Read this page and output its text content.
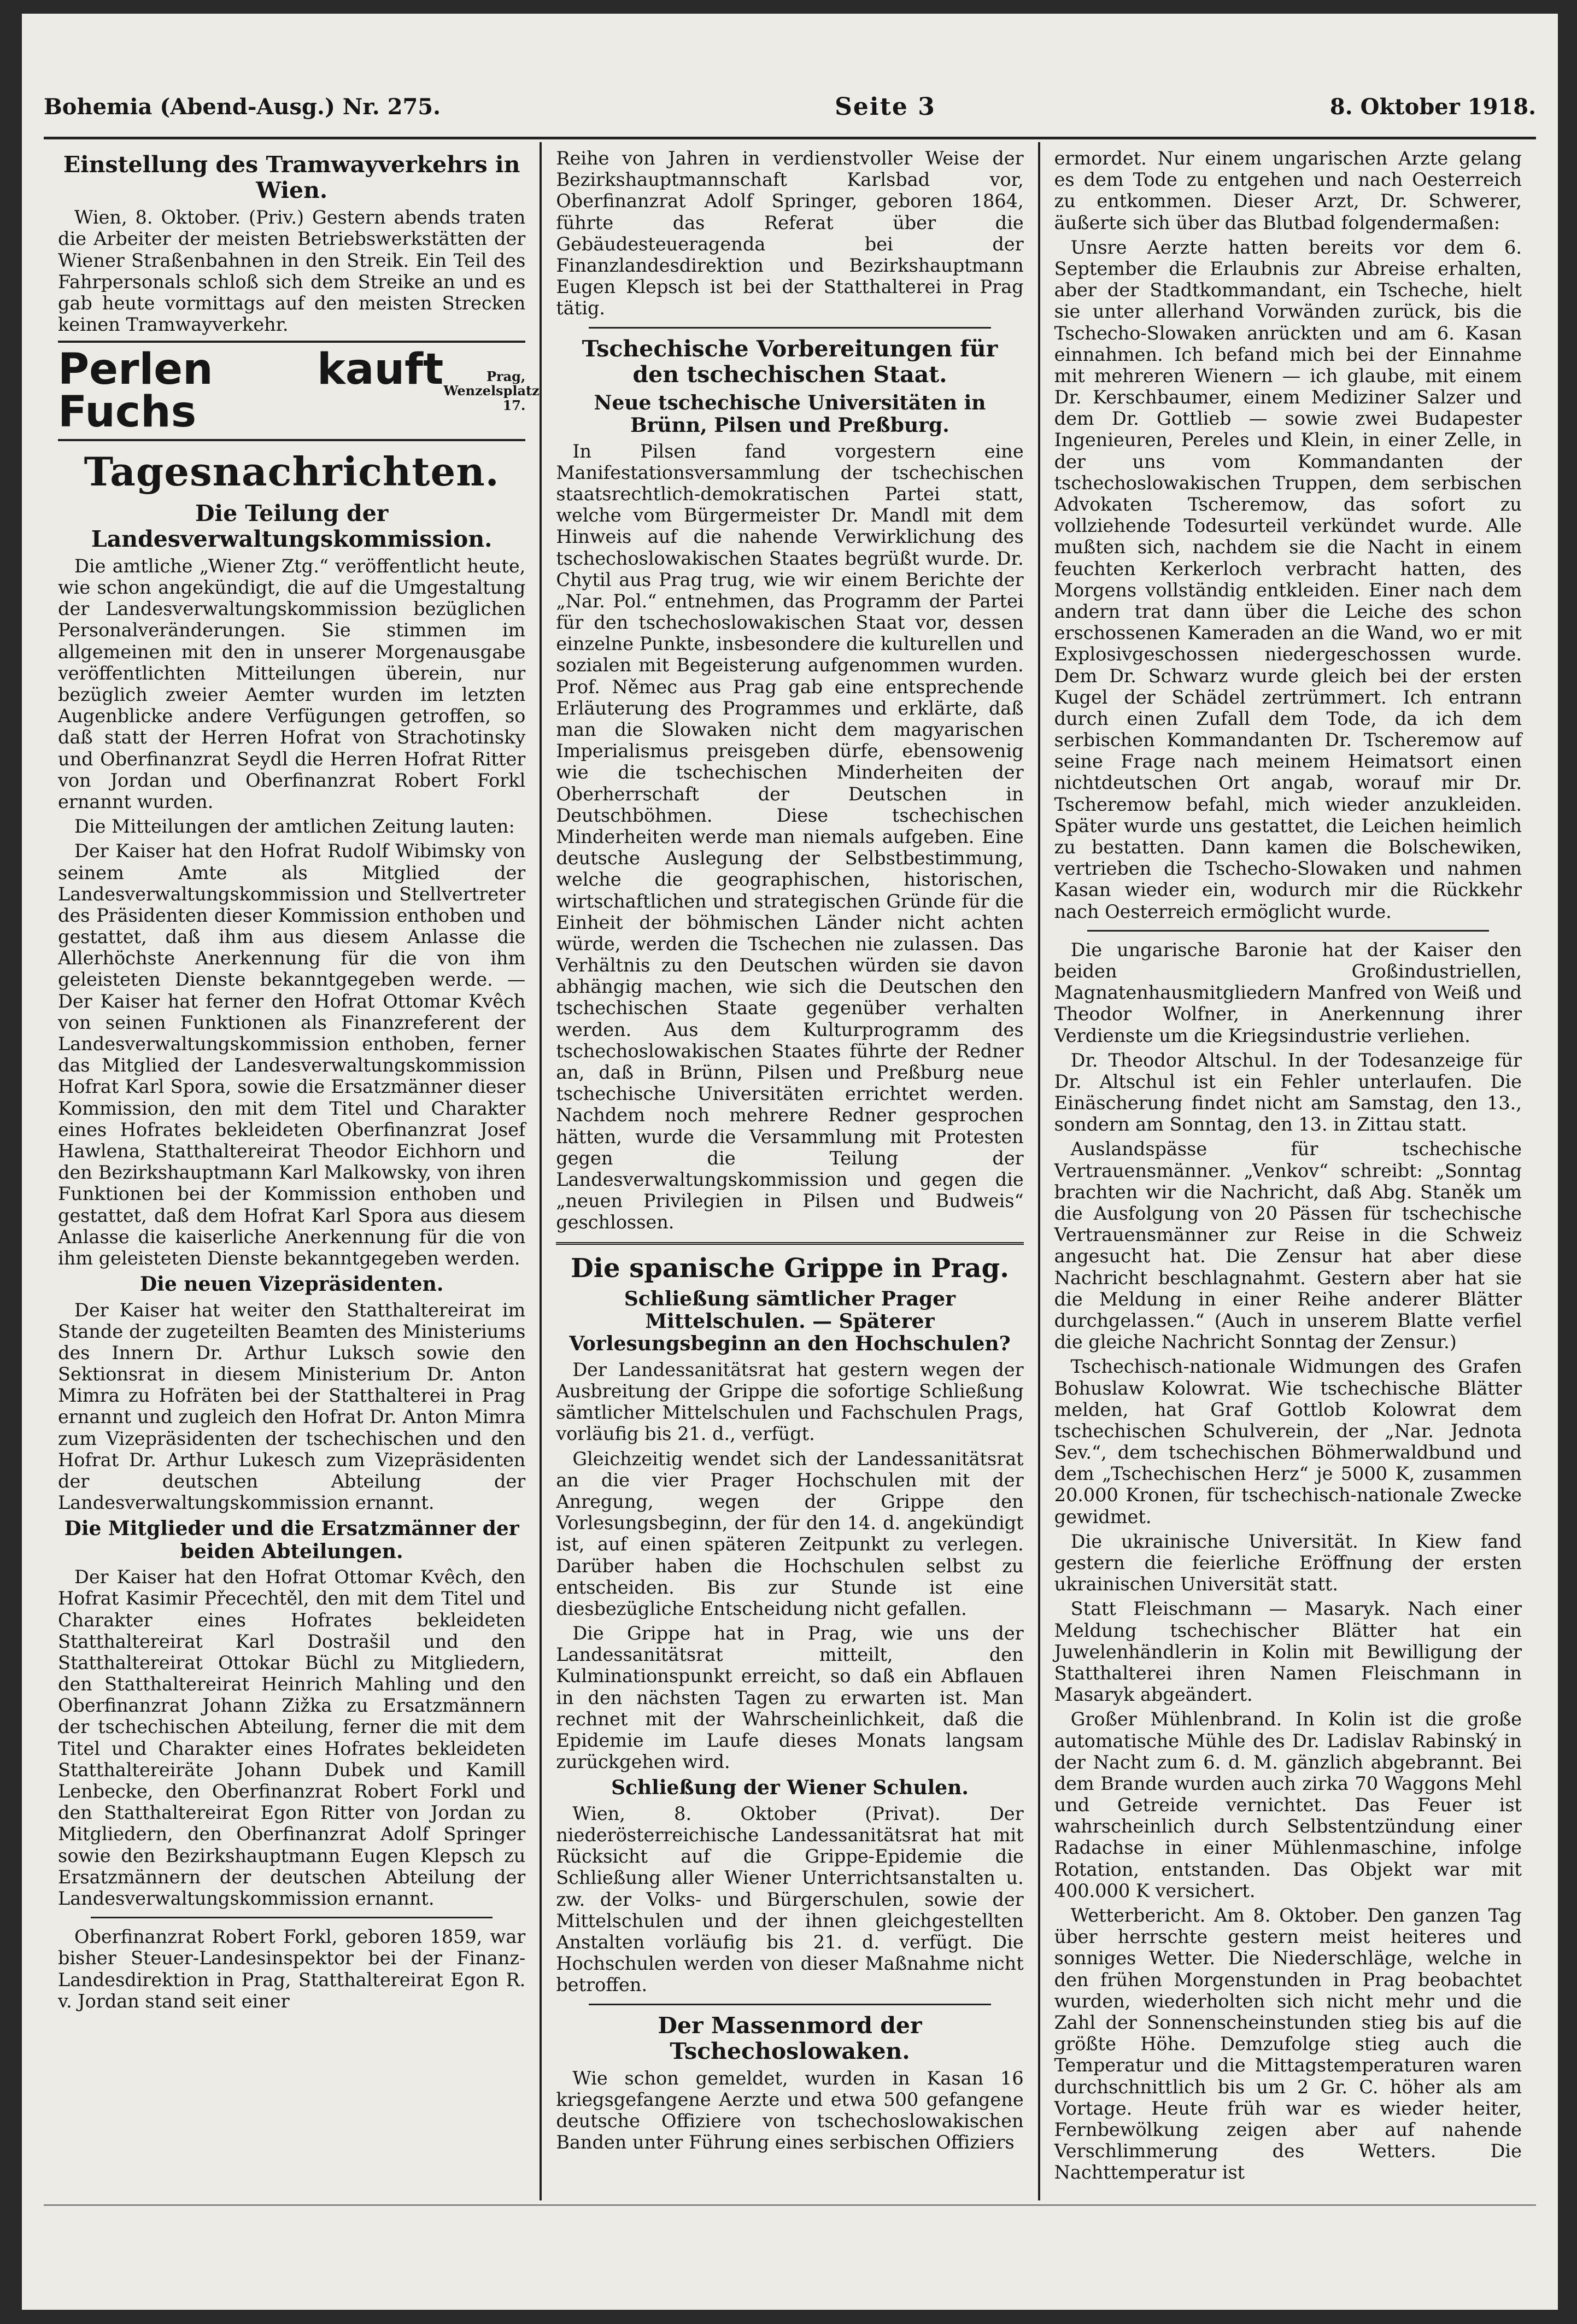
Bohemia (Abend-Ausg.) Nr. 275.	Seite 3	8. Oktober 1918.
Einstellung des Tramwayverkehrs in Wien.

Wien, 8. Oktober. (Priv.) Gestern abends traten die Arbeiter der meisten Betriebswerkstätten der Wiener Straßenbahnen in den Streik. Ein Teil des Fahrpersonals schloß sich dem Streike an und es gab heute vormittags auf den meisten Strecken keinen Tramwayverkehr.

Perlen kauft Fuchs
Prag, Wenzelsplatz 17.
Tagesnachrichten.
Die Teilung der Landesverwaltungskommission.

Die amtliche „Wiener Ztg.“ veröffentlicht heute, wie schon angekündigt, die auf die Umgestaltung der Landesverwaltungskommission bezüglichen Personalveränderungen. Sie stimmen im allgemeinen mit den in unserer Morgenausgabe veröffentlichten Mitteilungen überein, nur bezüglich zweier Aemter wurden im letzten Augenblicke andere Verfügungen getroffen, so daß statt der Herren Hofrat von Strachotinsky und Oberfinanzrat Seydl die Herren Hofrat Ritter von Jordan und Oberfinanzrat Robert Forkl ernannt wurden.

Die Mitteilungen der amtlichen Zeitung lauten:

Der Kaiser hat den Hofrat Rudolf Wibimsky von seinem Amte als Mitglied der Landesverwaltungskommission und Stellvertreter des Präsidenten dieser Kommission enthoben und gestattet, daß ihm aus diesem Anlasse die Allerhöchste Anerkennung für die von ihm geleisteten Dienste bekanntgegeben werde. — Der Kaiser hat ferner den Hofrat Ottomar Kvêch von seinen Funktionen als Finanzreferent der Landesverwaltungskommission enthoben, ferner das Mitglied der Landesverwaltungskommission Hofrat Karl Spora, sowie die Ersatzmänner dieser Kommission, den mit dem Titel und Charakter eines Hofrates bekleideten Oberfinanzrat Josef Hawlena, Statthaltereirat Theodor Eichhorn und den Bezirkshauptmann Karl Malkowsky, von ihren Funktionen bei der Kommission enthoben und gestattet, daß dem Hofrat Karl Spora aus diesem Anlasse die kaiserliche Anerkennung für die von ihm geleisteten Dienste bekanntgegeben werden.

Die neuen Vizepräsidenten.

Der Kaiser hat weiter den Statthaltereirat im Stande der zugeteilten Beamten des Ministeriums des Innern Dr. Arthur Luksch sowie den Sektionsrat in diesem Ministerium Dr. Anton Mimra zu Hofräten bei der Statthalterei in Prag ernannt und zugleich den Hofrat Dr. Anton Mimra zum Vizepräsidenten der tschechischen und den Hofrat Dr. Arthur Lukesch zum Vizepräsidenten der deutschen Abteilung der Landesverwaltungskommission ernannt.

Die Mitglieder und die Ersatzmänner der beiden Abteilungen.

Der Kaiser hat den Hofrat Ottomar Kvêch, den Hofrat Kasimir Přecechtěl, den mit dem Titel und Charakter eines Hofrates bekleideten Statthaltereirat Karl Dostrašil und den Statthaltereirat Ottokar Büchl zu Mitgliedern, den Statthaltereirat Heinrich Mahling und den Oberfinanzrat Johann Zižka zu Ersatzmännern der tschechischen Abteilung, ferner die mit dem Titel und Charakter eines Hofrates bekleideten Statthaltereiräte Johann Dubek und Kamill Lenbecke, den Oberfinanzrat Robert Forkl und den Statthaltereirat Egon Ritter von Jordan zu Mitgliedern, den Oberfinanzrat Adolf Springer sowie den Bezirkshauptmann Eugen Klepsch zu Ersatzmännern der deutschen Abteilung der Landesverwaltungskommission ernannt.

Oberfinanzrat Robert Forkl, geboren 1859, war bisher Steuer-Landesinspektor bei der Finanz-Landesdirektion in Prag, Statthaltereirat Egon R. v. Jordan stand seit einer

Reihe von Jahren in verdienstvoller Weise der Bezirkshauptmannschaft Karlsbad vor, Oberfinanzrat Adolf Springer, geboren 1864, führte das Referat über die Gebäudesteueragenda bei der Finanzlandesdirektion und Bezirkshauptmann Eugen Klepsch ist bei der Statthalterei in Prag tätig.

Tschechische Vorbereitungen für den tschechischen Staat.
Neue tschechische Universitäten in Brünn, Pilsen und Preßburg.

In Pilsen fand vorgestern eine Manifestationsversammlung der tschechischen staatsrechtlich-demokratischen Partei statt, welche vom Bürgermeister Dr. Mandl mit dem Hinweis auf die nahende Verwirklichung des tschechoslowakischen Staates begrüßt wurde. Dr. Chytil aus Prag trug, wie wir einem Berichte der „Nar. Pol.“ entnehmen, das Programm der Partei für den tschechoslowakischen Staat vor, dessen einzelne Punkte, insbesondere die kulturellen und sozialen mit Begeisterung aufgenommen wurden. Prof. Němec aus Prag gab eine entsprechende Erläuterung des Programmes und erklärte, daß man die Slowaken nicht dem magyarischen Imperialismus preisgeben dürfe, ebensowenig wie die tschechischen Minderheiten der Oberherrschaft der Deutschen in Deutschböhmen. Diese tschechischen Minderheiten werde man niemals aufgeben. Eine deutsche Auslegung der Selbstbestimmung, welche die geographischen, historischen, wirtschaftlichen und strategischen Gründe für die Einheit der böhmischen Länder nicht achten würde, werden die Tschechen nie zulassen. Das Verhältnis zu den Deutschen würden sie davon abhängig machen, wie sich die Deutschen den tschechischen Staate gegenüber verhalten werden. Aus dem Kulturprogramm des tschechoslowakischen Staates führte der Redner an, daß in Brünn, Pilsen und Preßburg neue tschechische Universitäten errichtet werden. Nachdem noch mehrere Redner gesprochen hätten, wurde die Versammlung mit Protesten gegen die Teilung der Landesverwaltungskommission und gegen die „neuen Privilegien in Pilsen und Budweis“ geschlossen.

Die spanische Grippe in Prag.
Schließung sämtlicher Prager Mittelschulen. — Späterer Vorlesungsbeginn an den Hochschulen?

Der Landessanitätsrat hat gestern wegen der Ausbreitung der Grippe die sofortige Schließung sämtlicher Mittelschulen und Fachschulen Prags, vorläufig bis 21. d., verfügt.

Gleichzeitig wendet sich der Landessanitätsrat an die vier Prager Hochschulen mit der Anregung, wegen der Grippe den Vorlesungsbeginn, der für den 14. d. angekündigt ist, auf einen späteren Zeitpunkt zu verlegen. Darüber haben die Hochschulen selbst zu entscheiden. Bis zur Stunde ist eine diesbezügliche Entscheidung nicht gefallen.

Die Grippe hat in Prag, wie uns der Landessanitätsrat mitteilt, den Kulminationspunkt erreicht, so daß ein Abflauen in den nächsten Tagen zu erwarten ist. Man rechnet mit der Wahrscheinlichkeit, daß die Epidemie im Laufe dieses Monats langsam zurückgehen wird.

Schließung der Wiener Schulen.

Wien, 8. Oktober (Privat). Der niederösterreichische Landessanitätsrat hat mit Rücksicht auf die Grippe-Epidemie die Schließung aller Wiener Unterrichtsanstalten u. zw. der Volks- und Bürgerschulen, sowie der Mittelschulen und der ihnen gleichgestellten Anstalten vorläufig bis 21. d. verfügt. Die Hochschulen werden von dieser Maßnahme nicht betroffen.

Der Massenmord der Tschechoslowaken.

Wie schon gemeldet, wurden in Kasan 16 kriegsgefangene Aerzte und etwa 500 gefangene deutsche Offiziere von tschechoslowakischen Banden unter Führung eines serbischen Offiziers

ermordet. Nur einem ungarischen Arzte gelang es dem Tode zu entgehen und nach Oesterreich zu entkommen. Dieser Arzt, Dr. Schwerer, äußerte sich über das Blutbad folgendermaßen:

Unsre Aerzte hatten bereits vor dem 6. September die Erlaubnis zur Abreise erhalten, aber der Stadtkommandant, ein Tscheche, hielt sie unter allerhand Vorwänden zurück, bis die Tschecho-Slowaken anrückten und am 6. Kasan einnahmen. Ich befand mich bei der Einnahme mit mehreren Wienern — ich glaube, mit einem Dr. Kerschbaumer, einem Mediziner Salzer und dem Dr. Gottlieb — sowie zwei Budapester Ingenieuren, Pereles und Klein, in einer Zelle, in der uns vom Kommandanten der tschechoslowakischen Truppen, dem serbischen Advokaten Tscheremow, das sofort zu vollziehende Todesurteil verkündet wurde. Alle mußten sich, nachdem sie die Nacht in einem feuchten Kerkerloch verbracht hatten, des Morgens vollständig entkleiden. Einer nach dem andern trat dann über die Leiche des schon erschossenen Kameraden an die Wand, wo er mit Explosivgeschossen niedergeschossen wurde. Dem Dr. Schwarz wurde gleich bei der ersten Kugel der Schädel zertrümmert. Ich entrann durch einen Zufall dem Tode, da ich dem serbischen Kommandanten Dr. Tscheremow auf seine Frage nach meinem Heimatsort einen nichtdeutschen Ort angab, worauf mir Dr. Tscheremow befahl, mich wieder anzukleiden. Später wurde uns gestattet, die Leichen heimlich zu bestatten. Dann kamen die Bolschewiken, vertrieben die Tschecho-Slowaken und nahmen Kasan wieder ein, wodurch mir die Rückkehr nach Oesterreich ermöglicht wurde.

Die ungarische Baronie hat der Kaiser den beiden Großindustriellen, Magnatenhausmitgliedern Manfred von Weiß und Theodor Wolfner, in Anerkennung ihrer Verdienste um die Kriegsindustrie verliehen.

Dr. Theodor Altschul. In der Todesanzeige für Dr. Altschul ist ein Fehler unterlaufen. Die Einäscherung findet nicht am Samstag, den 13., sondern am Sonntag, den 13. in Zittau statt.

Auslandspässe für tschechische Vertrauensmänner. „Venkov“ schreibt: „Sonntag brachten wir die Nachricht, daß Abg. Staněk um die Ausfolgung von 20 Pässen für tschechische Vertrauensmänner zur Reise in die Schweiz angesucht hat. Die Zensur hat aber diese Nachricht beschlagnahmt. Gestern aber hat sie die Meldung in einer Reihe anderer Blätter durchgelassen.“ (Auch in unserem Blatte verfiel die gleiche Nachricht Sonntag der Zensur.)

Tschechisch-nationale Widmungen des Grafen Bohuslaw Kolowrat. Wie tschechische Blätter melden, hat Graf Gottlob Kolowrat dem tschechischen Schulverein, der „Nar. Jednota Sev.“, dem tschechischen Böhmerwaldbund und dem „Tschechischen Herz“ je 5000 K, zusammen 20.000 Kronen, für tschechisch-nationale Zwecke gewidmet.

Die ukrainische Universität. In Kiew fand gestern die feierliche Eröffnung der ersten ukrainischen Universität statt.

Statt Fleischmann — Masaryk. Nach einer Meldung tschechischer Blätter hat ein Juwelenhändlerin in Kolin mit Bewilligung der Statthalterei ihren Namen Fleischmann in Masaryk abgeändert.

Großer Mühlenbrand. In Kolin ist die große automatische Mühle des Dr. Ladislav Rabinský in der Nacht zum 6. d. M. gänzlich abgebrannt. Bei dem Brande wurden auch zirka 70 Waggons Mehl und Getreide vernichtet. Das Feuer ist wahrscheinlich durch Selbstentzündung einer Radachse in einer Mühlenmaschine, infolge Rotation, entstanden. Das Objekt war mit 400.000 K versichert.

Wetterbericht. Am 8. Oktober. Den ganzen Tag über herrschte gestern meist heiteres und sonniges Wetter. Die Niederschläge, welche in den frühen Morgenstunden in Prag beobachtet wurden, wiederholten sich nicht mehr und die Zahl der Sonnenscheinstunden stieg bis auf die größte Höhe. Demzufolge stieg auch die Temperatur und die Mittagstemperaturen waren durchschnittlich bis um 2 Gr. C. höher als am Vortage. Heute früh war es wieder heiter, Fernbewölkung zeigen aber auf nahende Verschlimmerung des Wetters. Die Nachttemperatur ist
